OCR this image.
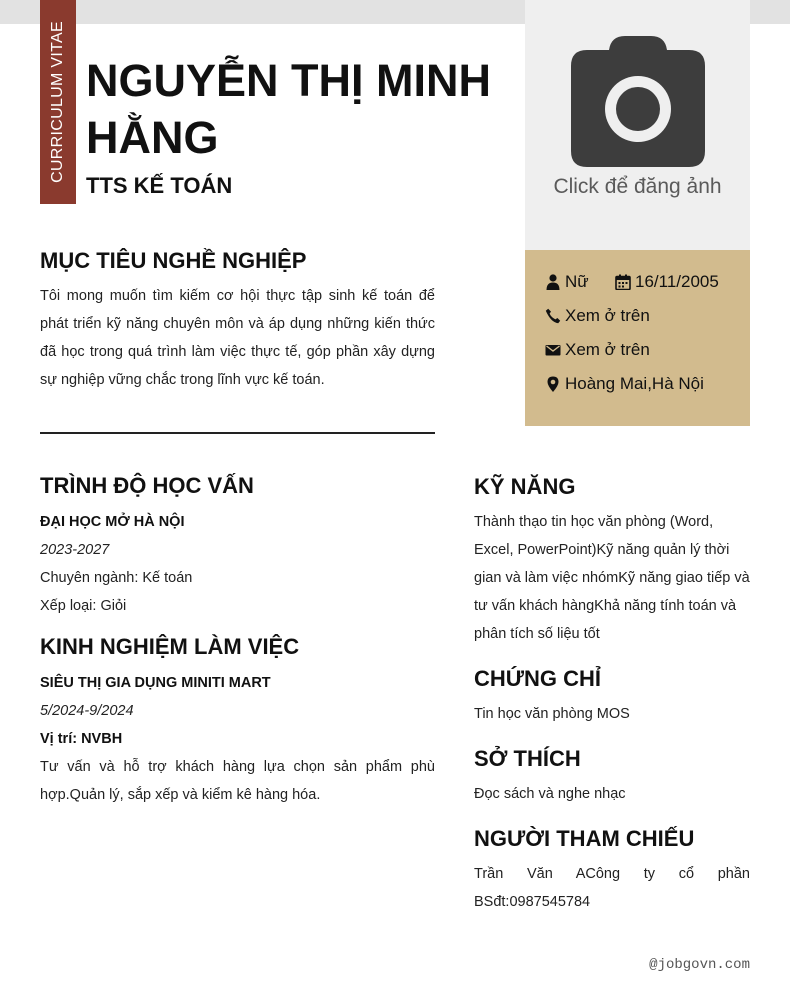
CURRICULUM VITAE NGUYỄN THỊ MINH HẰNG
TTS KẾ TOÁN	Click để đăng ảnh
Nữ	16/11/2005
Xem ở trên
Xem ở trên
Hoàng Mai,Hà Nội
MỤC TIÊU NGHỀ NGHIỆP

Tôi mong muốn tìm kiếm cơ hội thực tập sinh kế toán để phát triển kỹ năng chuyên môn và áp dụng những kiến thức đã học trong quá trình làm việc thực tế, góp phần xây dựng sự nghiệp vững chắc trong lĩnh vực kế toán.

TRÌNH ĐỘ HỌC VẤN
ĐẠI HỌC MỞ HÀ NỘI
2023-2027
Chuyên ngành: Kế toán
Xếp loại: Giỏi
KINH NGHIỆM LÀM VIỆC
SIÊU THỊ GIA DỤNG MINITI MART
5/2024-9/2024
Vị trí: NVBH

Tư vấn và hỗ trợ khách hàng lựa chọn sản phẩm phù hợp.Quản lý, sắp xếp và kiểm kê hàng hóa.

KỸ NĂNG

Thành thạo tin học văn phòng (Word, Excel, PowerPoint)Kỹ năng quản lý thời gian và làm việc nhómKỹ năng giao tiếp và tư vấn khách hàngKhả năng tính toán và phân tích số liệu tốt

CHỨNG CHỈ
Tin học văn phòng MOS
SỞ THÍCH
Đọc sách và nghe nhạc
NGƯỜI THAM CHIẾU

Trần Văn ACông ty cổ phần BSđt:0987545784

@jobgovn.com
